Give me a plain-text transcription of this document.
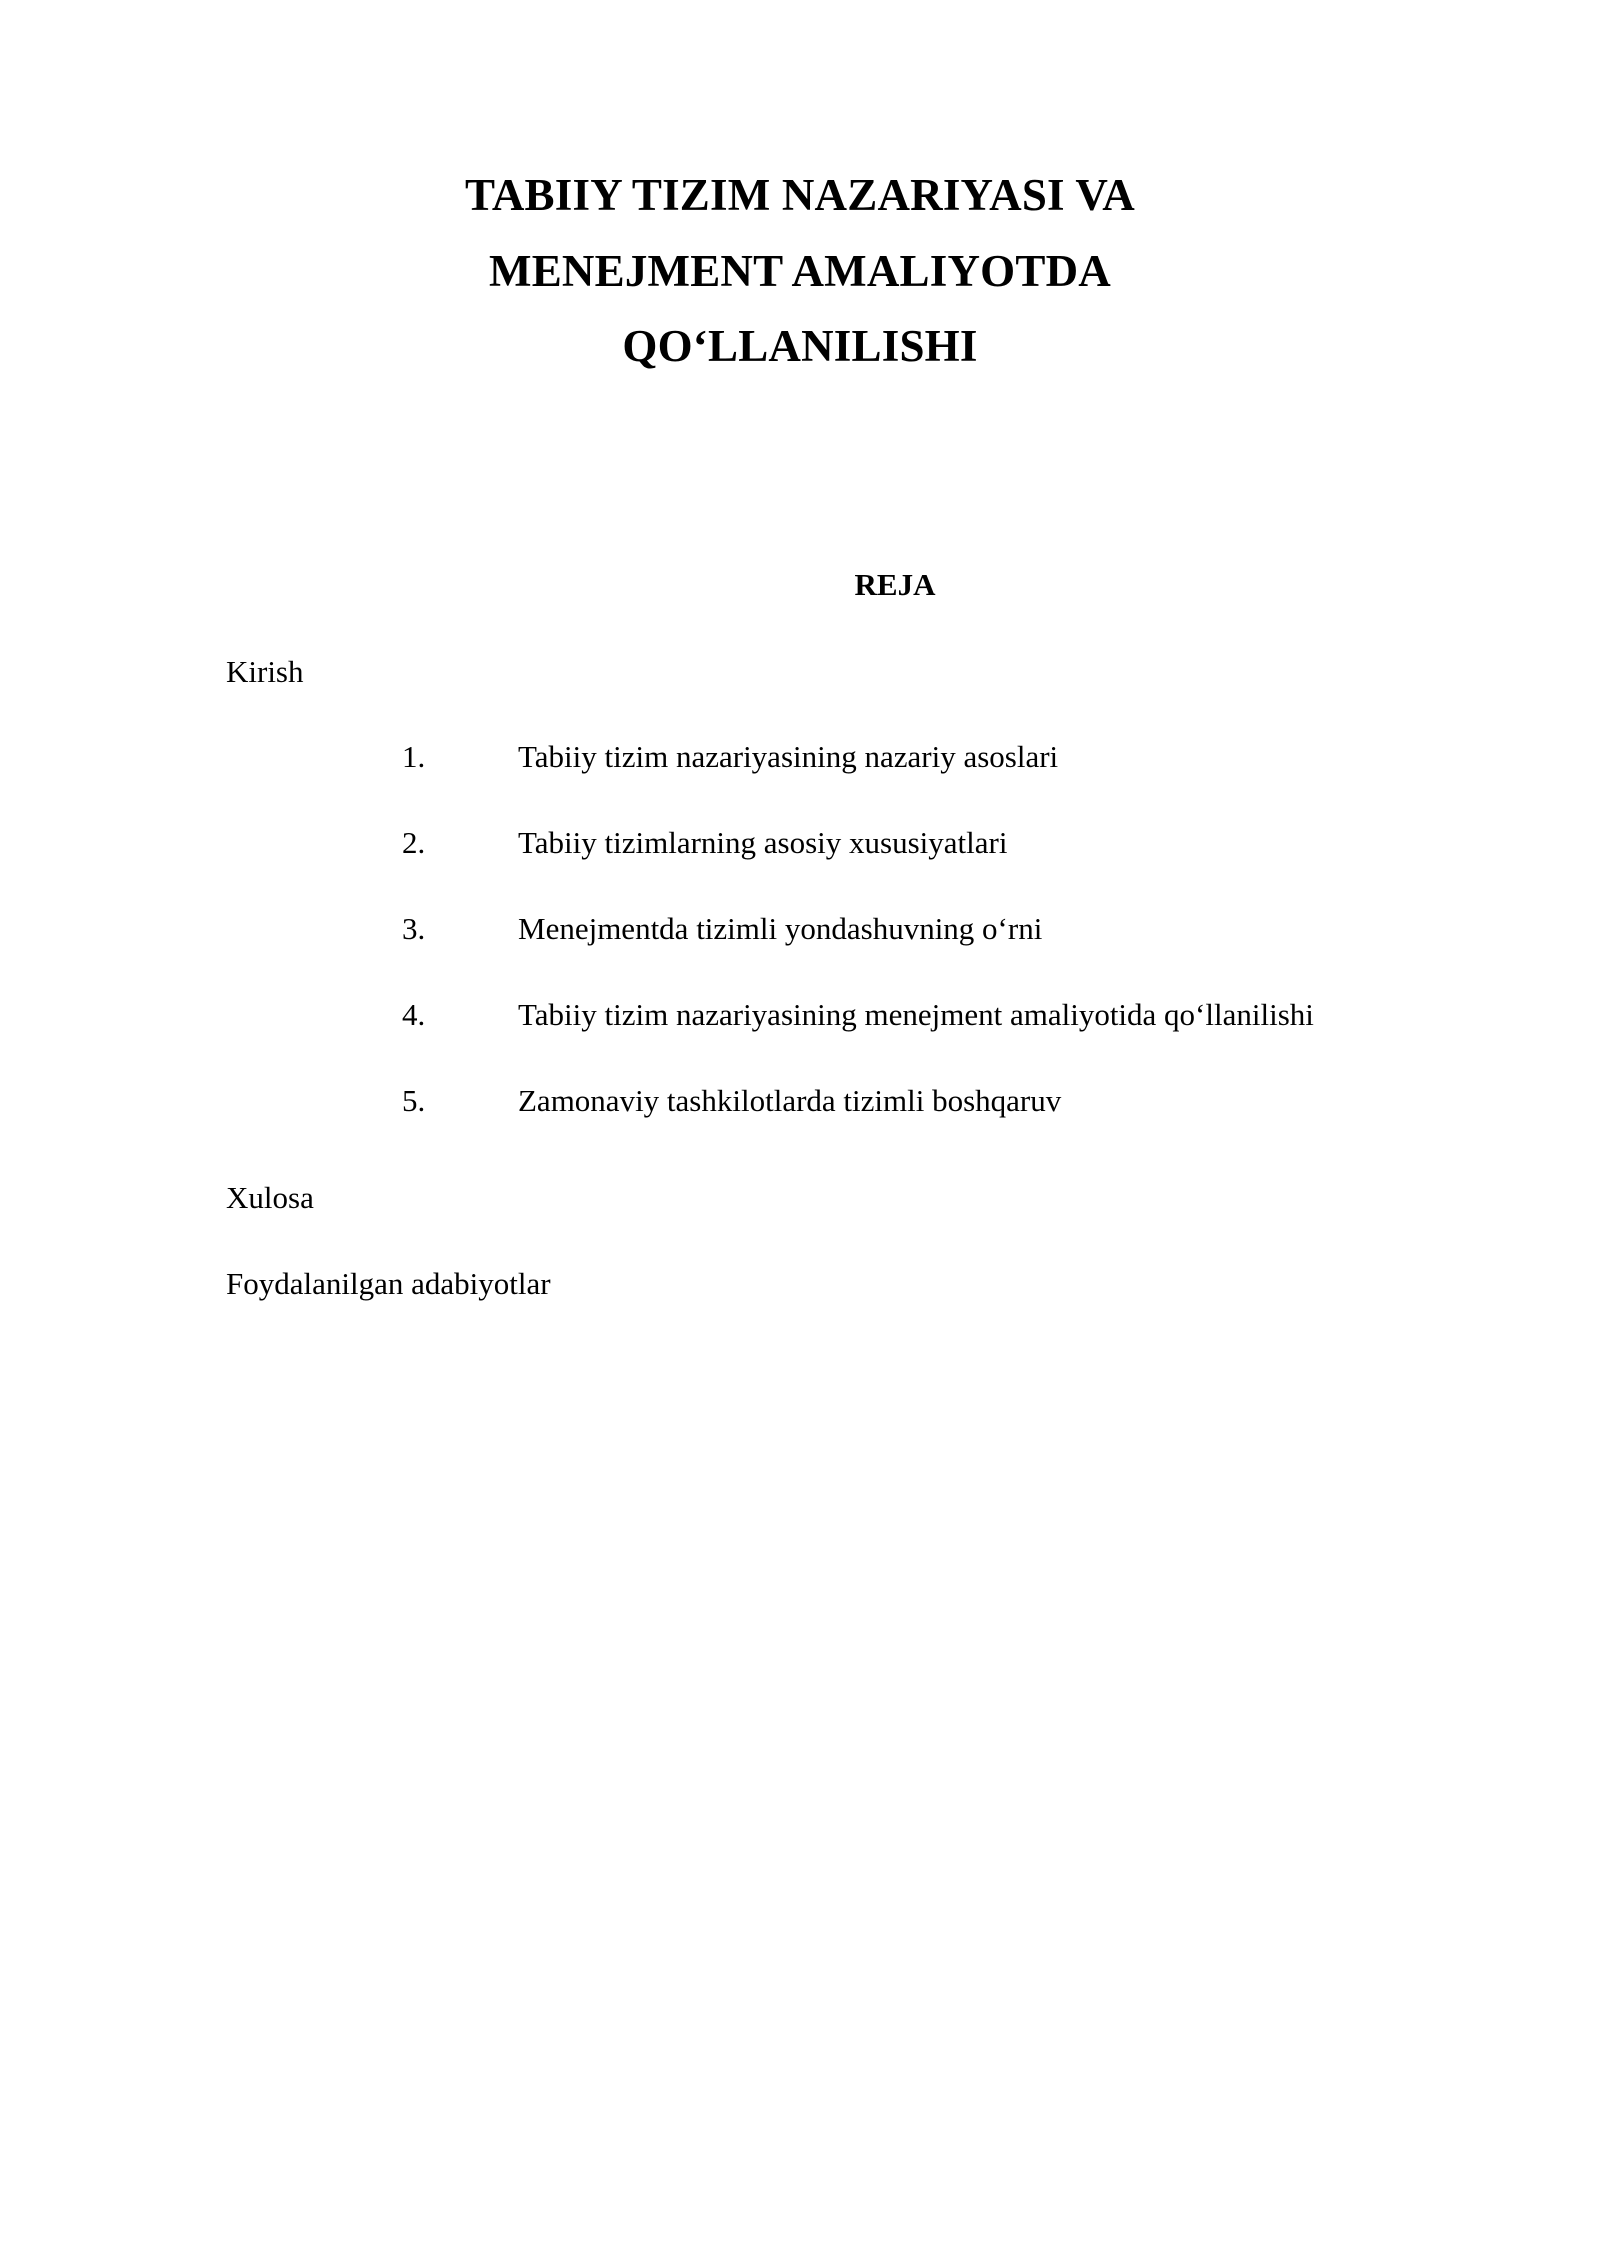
TABIIY TIZIM NAZARIYASI VA
MENEJMENT AMALIYOTDA
QO‘LLANILISHI
REJA
Kirish
1.	Tabiiy tizim nazariyasining nazariy asoslari
2.	Tabiiy tizimlarning asosiy xususiyatlari
3.	Menejmentda tizimli yondashuvning o‘rni
4.	Tabiiy tizim nazariyasining menejment amaliyotida qo‘llanilishi
5.	Zamonaviy tashkilotlarda tizimli boshqaruv
Xulosa
Foydalanilgan adabiyotlar
